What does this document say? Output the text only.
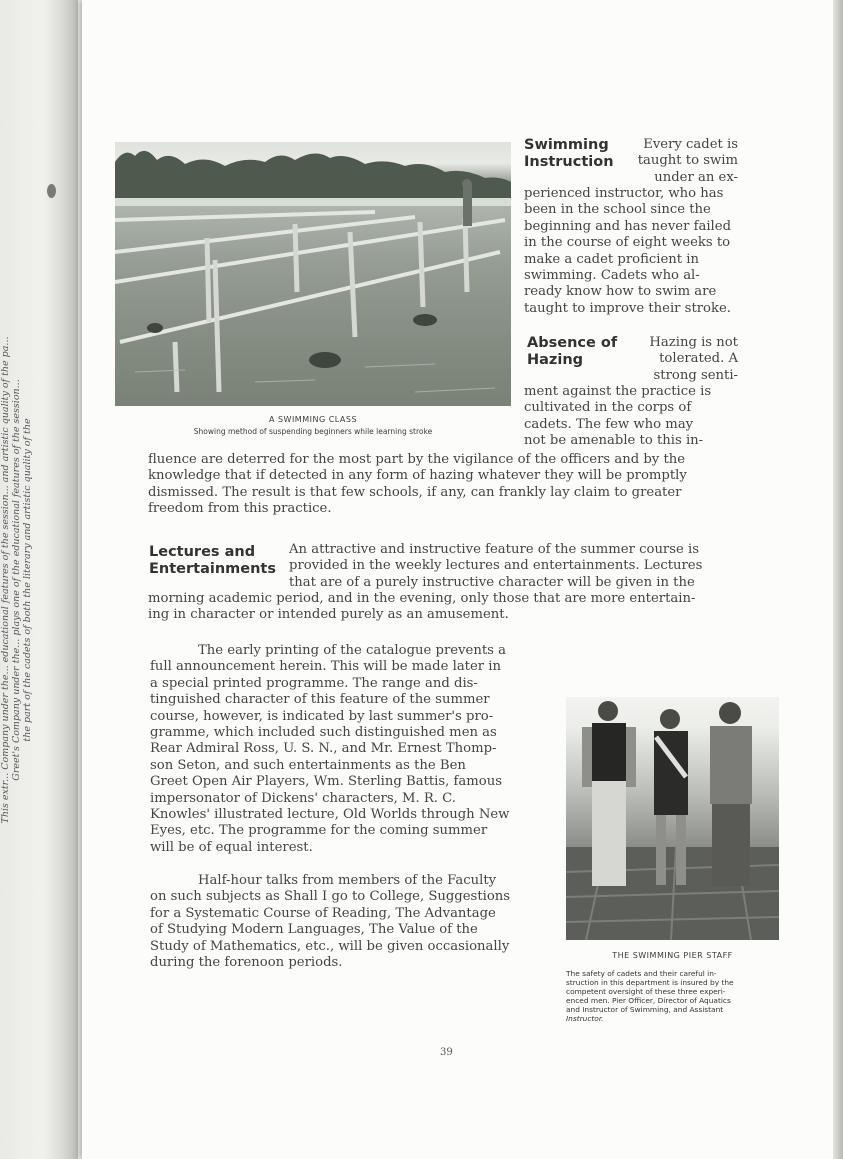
This extr... Company under the... educational features of the session... and artistic quality of the pa... Greet's Company under the... plays one of the educational features of the session... the part of the cadets of both the literary and artistic quality of the	A SWIMMING CLASS
Showing method of suspending beginners while learning stroke
Swimming
Instruction
Every cadet is
taught to swim
under an ex-
perienced instructor, who has
been in the school since the
beginning and has never failed
in the course of eight weeks to
make a cadet proficient in
swimming. Cadets who al-
ready know how to swim are
taught to improve their stroke.
Absence of
Hazing
Hazing is not
tolerated. A
strong senti-
ment against the practice is
cultivated in the corps of
cadets. The few who may
not be amenable to this in-
fluence are deterred for the most part by the vigilance of the officers and by the
knowledge that if detected in any form of hazing whatever they will be promptly
dismissed. The result is that few schools, if any, can frankly lay claim to greater
freedom from this practice.
Lectures and
Entertainments
An attractive and instructive feature of the summer course is
provided in the weekly lectures and entertainments. Lectures
that are of a purely instructive character will be given in the
morning academic period, and in the evening, only those that are more entertain-
ing in character or intended purely as an amusement.
The early printing of the catalogue prevents a
full announcement herein. This will be made later in
a special printed programme. The range and dis-
tinguished character of this feature of the summer
course, however, is indicated by last summer's pro-
gramme, which included such distinguished men as
Rear Admiral Ross, U. S. N., and Mr. Ernest Thomp-
son Seton, and such entertainments as the Ben
Greet Open Air Players, Wm. Sterling Battis, famous
impersonator of Dickens' characters, M. R. C.
Knowles' illustrated lecture, Old Worlds through New
Eyes, etc. The programme for the coming summer
will be of equal interest.
Half-hour talks from members of the Faculty
on such subjects as Shall I go to College, Suggestions
for a Systematic Course of Reading, The Advantage
of Studying Modern Languages, The Value of the
Study of Mathematics, etc., will be given occasionally
during the forenoon periods.	THE SWIMMING PIER STAFF
The safety of cadets and their careful in-
struction in this department is insured by the
competent oversight of these three experi-
enced men. Pier Officer, Director of Aquatics
and Instructor of Swimming, and Assistant
Instructor.
39
